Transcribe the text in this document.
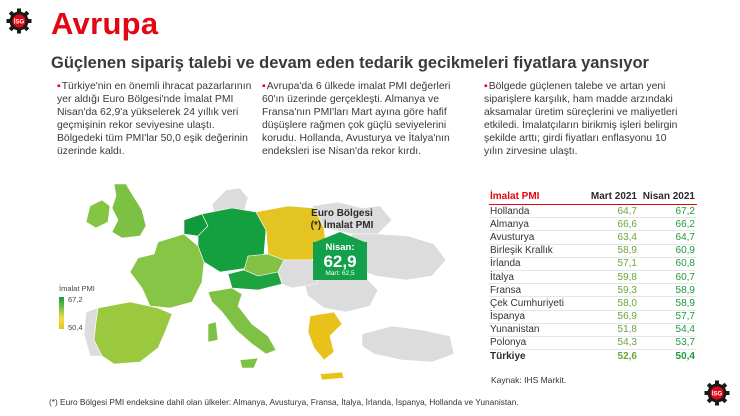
İSG
İSG
Avrupa
Güçlenen sipariş talebi ve devam eden tedarik gecikmeleri fiyatlara yansıyor
▪Türkiye'nin en önemli ihracat pazarlarının
yer aldığı Euro Bölgesi'nde İmalat PMI
Nisan'da 62,9'a yükselerek 24 yıllık veri
geçmişinin rekor seviyesine ulaştı.
Bölgedeki tüm PMI'lar 50,0 eşik değerinin
üzerinde kaldı.
▪Avrupa'da 6 ülkede imalat PMI değerleri
60'ın üzerinde gerçekleşti. Almanya ve
Fransa'nın PMI'ları Mart ayına göre hafif
düşüşlere rağmen çok güçlü seviyelerini
korudu. Hollanda, Avusturya ve İtalya'nın
endeksleri ise Nisan'da rekor kırdı.
▪Bölgede güçlenen talebe ve artan yeni
siparişlere karşılık, ham madde arzındaki
aksamalar üretim süreçlerini ve maliyetleri
etkiledi. İmalatçıların birikmiş işleri belirgin
şekilde arttı; girdi fiyatları enflasyonu 10
yılın zirvesine ulaştı.
İmalat PMI
67,2
50,4
Euro Bölgesi (*) İmalat PMI
Nisan:
62,9
Mart: 62,5
İmalat PMI	Mart 2021	Nisan 2021
Hollanda	64,7	67,2
Almanya	66,6	66,2
Avusturya	63,4	64,7
Birleşik Krallık	58,9	60,9
İrlanda	57,1	60,8
İtalya	59,8	60,7
Fransa	59,3	58,9
Çek Cumhuriyeti	58,0	58,9
İspanya	56,9	57,7
Yunanistan	51,8	54,4
Polonya	54,3	53,7
Türkiye	52,6	50,4
Kaynak: IHS Markit.
(*) Euro Bölgesi PMI endeksine dahil olan ülkeler: Almanya, Avusturya, Fransa, İtalya, İrlanda, İspanya, Hollanda ve Yunanistan.
